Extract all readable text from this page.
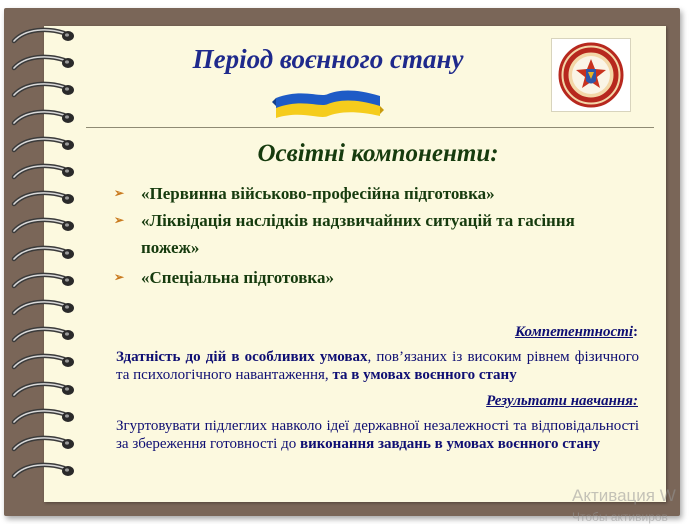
Період воєнного стану
Освітні компоненти:
➢ «Первинна військово-професійна підготовка»
➢ «Ліквідація наслідків надзвичайних ситуацій та гасіння пожеж»
➢ «Спеціальна підготовка»
Компетентності:
Здатність до дій в особливих умовах, пов’язаних із високим рівнем фізичного та психологічного навантаження, та в умовах воєнного стану
Результати навчання:
Згуртовувати підлеглих навколо ідеї державної незалежності та відповідальності за збереження готовності до виконання завдань в умовах воєнного стану
Активация W
Чтобы активиров
